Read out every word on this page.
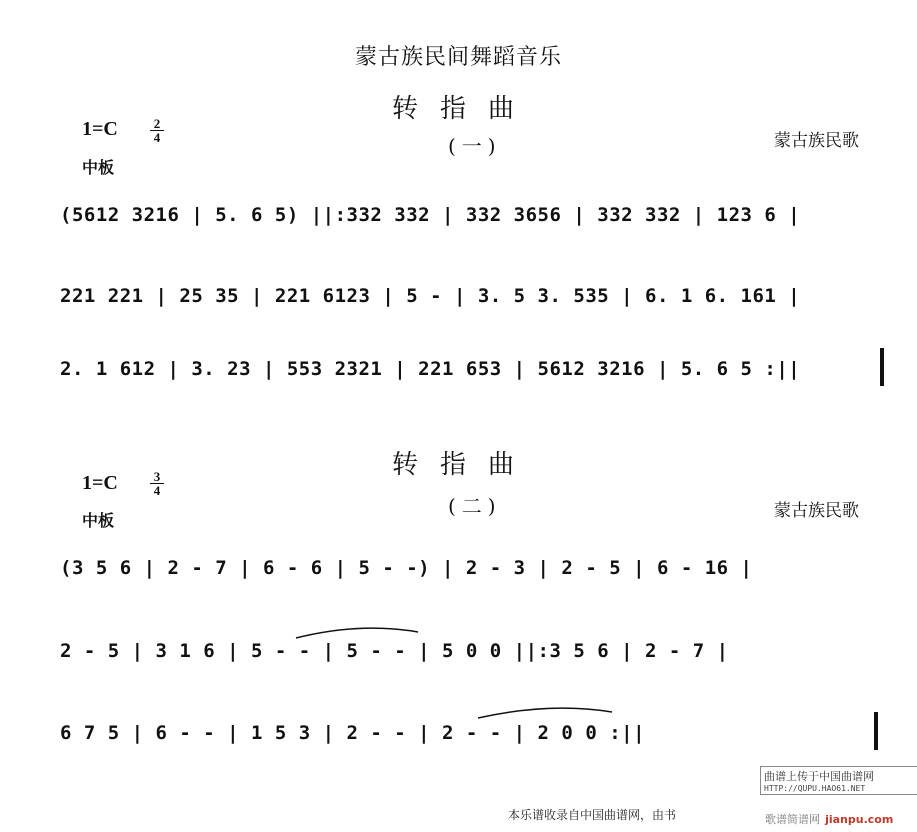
蒙古族民间舞蹈音乐
转指曲
(一)
1=C	2
4
中板
蒙古族民歌
(5612 3216 | 5. 6 5) ||:332 332 | 332 3656 | 332 332 | 123 6 |
221 221 | 25 35 | 221 6123 | 5 - | 3. 5 3. 535 | 6. 1 6. 161 |
2. 1 612 | 3. 23 | 553 2321 | 221 653 | 5612 3216 | 5. 6 5 :||
转指曲
(二)
1=C	3
4
中板	蒙古族民歌
(3 5 6 | 2 - 7 | 6 - 6 | 5 - -) | 2 - 3 | 2 - 5 | 6 - 16 |
2 - 5 | 3 1 6 | 5 - - | 5 - - | 5 0 0 ||:3 5 6 | 2 - 7 |
6 7 5 | 6 - - | 1 5 3 | 2 - - | 2 - - | 2 0 0 :||
本乐谱收录自中国曲谱网，由书
曲谱上传于中国曲谱网
HTTP://QUPU.HAO61.NET
歌谱简谱网 jianpu.com
